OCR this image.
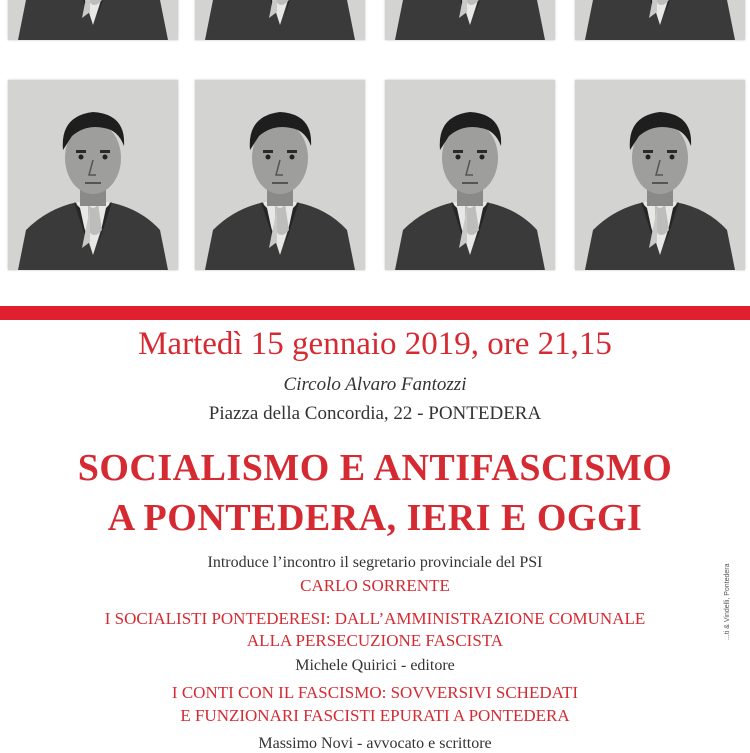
Martedì 15 gennaio 2019, ore 21,15
Circolo Alvaro Fantozzi
Piazza della Concordia, 22 - PONTEDERA
SOCIALISMO E ANTIFASCISMO
A PONTEDERA, IERI E OGGI
Introduce l’incontro il segretario provinciale del PSI
CARLO SORRENTE
I SOCIALISTI PONTEDERESI: DALL’AMMINISTRAZIONE COMUNALE
ALLA PERSECUZIONE FASCISTA
Michele Quirici - editore
I CONTI CON IL FASCISMO: SOVVERSIVI SCHEDATI
E FUNZIONARI FASCISTI EPURATI A PONTEDERA
Massimo Novi - avvocato e scrittore
...ti & Vindelli, Pontedera
